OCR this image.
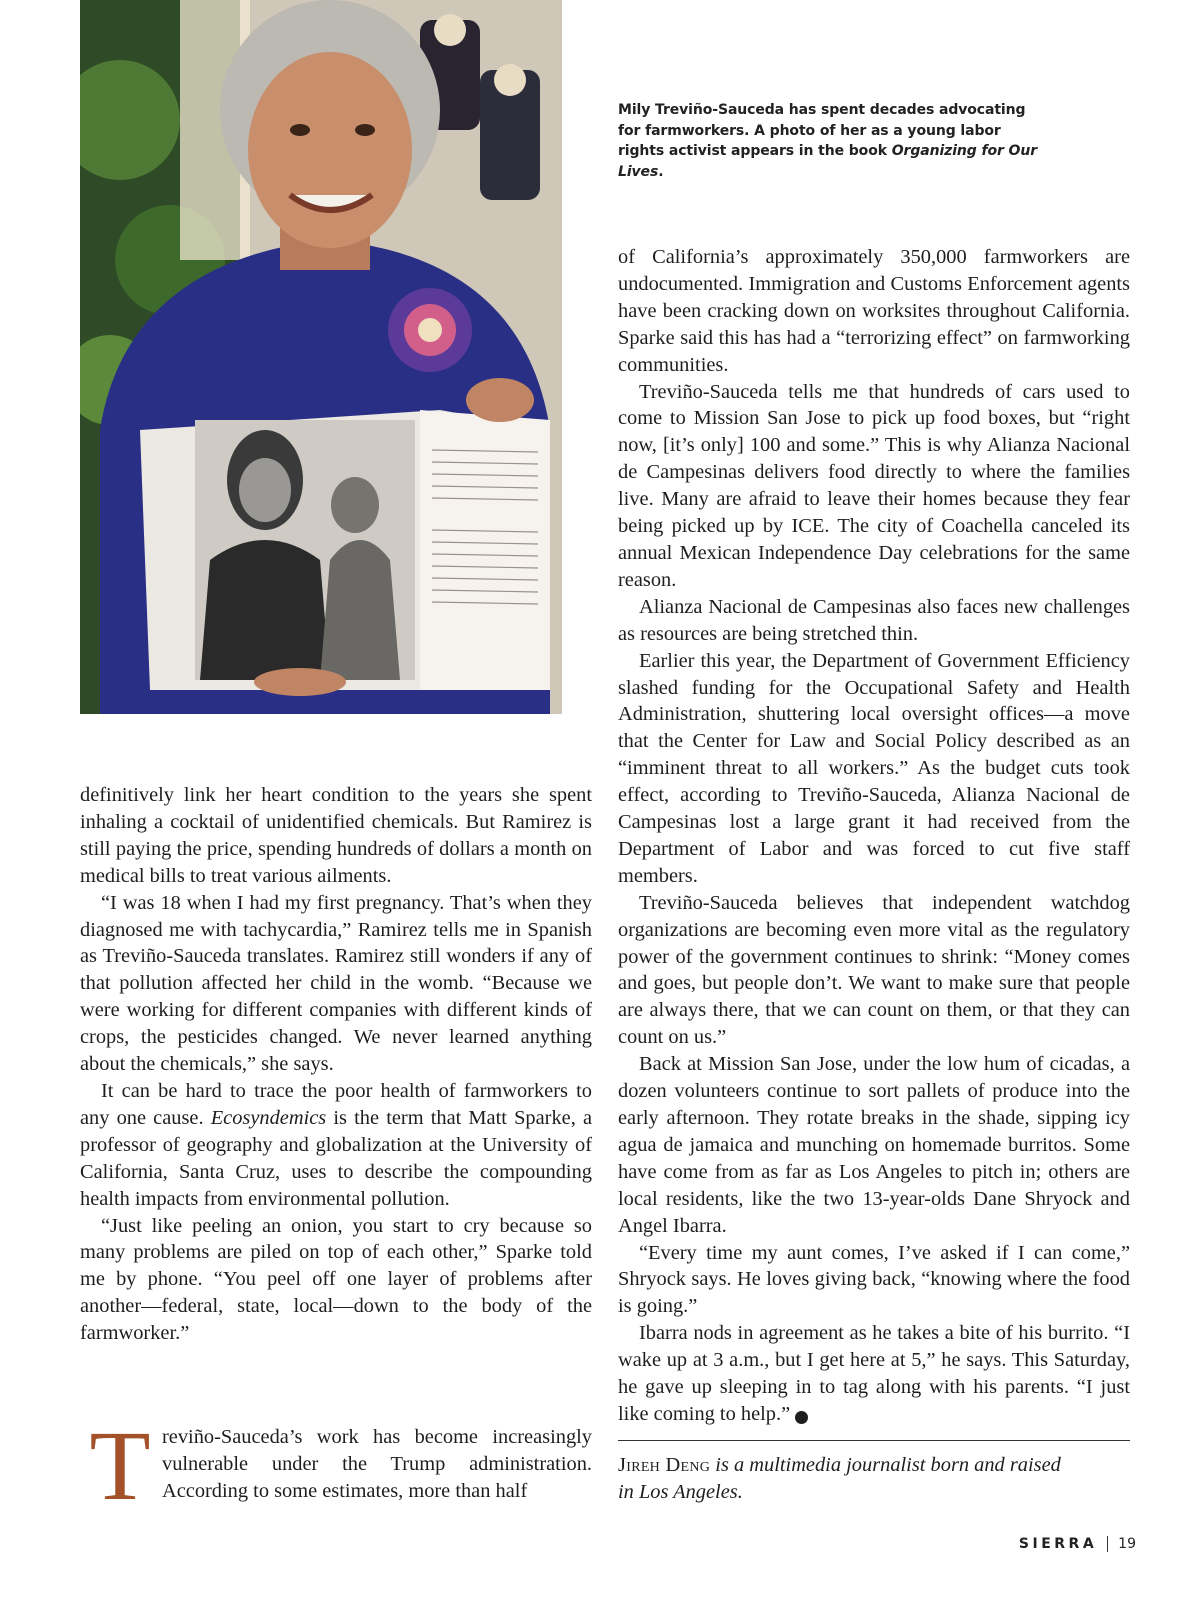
Mily Treviño-Sauceda has spent decades advocating for farmworkers. A photo of her as a young labor rights activist appears in the book Organizing for Our Lives.

definitively link her heart condition to the years she spent inhaling a cocktail of unidentified chemicals. But Ramirez is still paying the price, spending hundreds of dollars a month on medical bills to treat various ailments.

“I was 18 when I had my first pregnancy. That’s when they diagnosed me with tachycardia,” Ramirez tells me in Spanish as Treviño-Sauceda translates. Ramirez still wonders if any of that pollution affected her child in the womb. “Because we were working for different companies with different kinds of crops, the pesticides changed. We never learned anything about the chemicals,” she says.

It can be hard to trace the poor health of farmworkers to any one cause. Ecosyndemics is the term that Matt Sparke, a professor of geography and globalization at the University of California, Santa Cruz, uses to describe the compounding health impacts from environmental pollution.

“Just like peeling an onion, you start to cry because so many problems are piled on top of each other,” Sparke told me by phone. “You peel off one layer of problems after another—federal, state, local—down to the body of the farmworker.”

T reviño-Sauceda’s work has become increasingly vulnerable under the Trump administration. According to some estimates, more than half

of California’s approximately 350,000 farmworkers are undocumented. Immigration and Customs Enforcement agents have been cracking down on worksites throughout California. Sparke said this has had a “terrorizing effect” on farmworking communities.

Treviño-Sauceda tells me that hundreds of cars used to come to Mission San Jose to pick up food boxes, but “right now, [it’s only] 100 and some.” This is why Alianza Nacional de Campesinas delivers food directly to where the families live. Many are afraid to leave their homes because they fear being picked up by ICE. The city of Coachella canceled its annual Mexican Independence Day celebrations for the same reason.

Alianza Nacional de Campesinas also faces new challenges as resources are being stretched thin.

Earlier this year, the Department of Government Efficiency slashed funding for the Occupational Safety and Health Administration, shuttering local oversight offices—a move that the Center for Law and Social Policy described as an “imminent threat to all workers.” As the budget cuts took effect, according to Treviño-Sauceda, Alianza Nacional de Campesinas lost a large grant it had received from the Department of Labor and was forced to cut five staff members.

Treviño-Sauceda believes that independent watchdog organizations are becoming even more vital as the regulatory power of the government continues to shrink: “Money comes and goes, but people don’t. We want to make sure that people are always there, that we can count on them, or that they can count on us.”

Back at Mission San Jose, under the low hum of cicadas, a dozen volunteers continue to sort pallets of produce into the early afternoon. They rotate breaks in the shade, sipping icy agua de jamaica and munching on homemade burritos. Some have come from as far as Los Angeles to pitch in; others are local residents, like the two 13-year-olds Dane Shryock and Angel Ibarra.

“Every time my aunt comes, I’ve asked if I can come,” Shryock says. He loves giving back, “knowing where the food is going.”

Ibarra nods in agreement as he takes a bite of his burrito. “I wake up at 3 a.m., but I get here at 5,” he says. This Saturday, he gave up sleeping in to tag along with his parents. “I just like coming to help.”	S

Jireh Deng is a multimedia journalist born and raised in Los Angeles.
SIERRA 19
